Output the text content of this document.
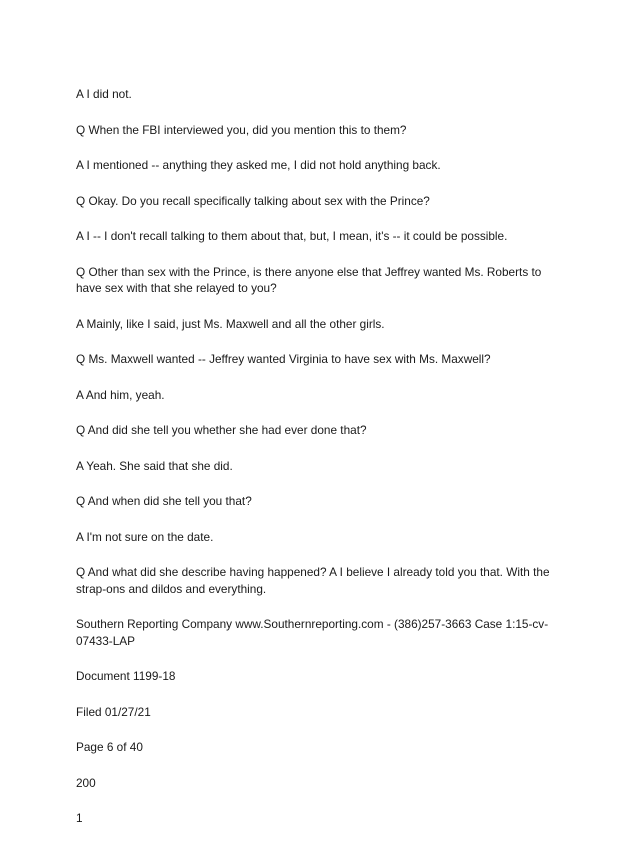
A I did not.

Q When the FBI interviewed you, did you mention this to them?

A I mentioned -- anything they asked me, I did not hold anything back.

Q Okay. Do you recall specifically talking about sex with the Prince?

A I -- I don't recall talking to them about that, but, I mean, it's -- it could be possible.

Q Other than sex with the Prince, is there anyone else that Jeffrey wanted Ms. Roberts to have sex with that she relayed to you?

A Mainly, like I said, just Ms. Maxwell and all the other girls.

Q Ms. Maxwell wanted -- Jeffrey wanted Virginia to have sex with Ms. Maxwell?

A And him, yeah.

Q And did she tell you whether she had ever done that?

A Yeah. She said that she did.

Q And when did she tell you that?

A I'm not sure on the date.

Q And what did she describe having happened? A I believe I already told you that. With the strap-ons and dildos and everything.

Southern Reporting Company www.Southernreporting.com - (386)257-3663 Case 1:15-cv-07433-LAP

Document 1199-18

Filed 01/27/21

Page 6 of 40

200

1
